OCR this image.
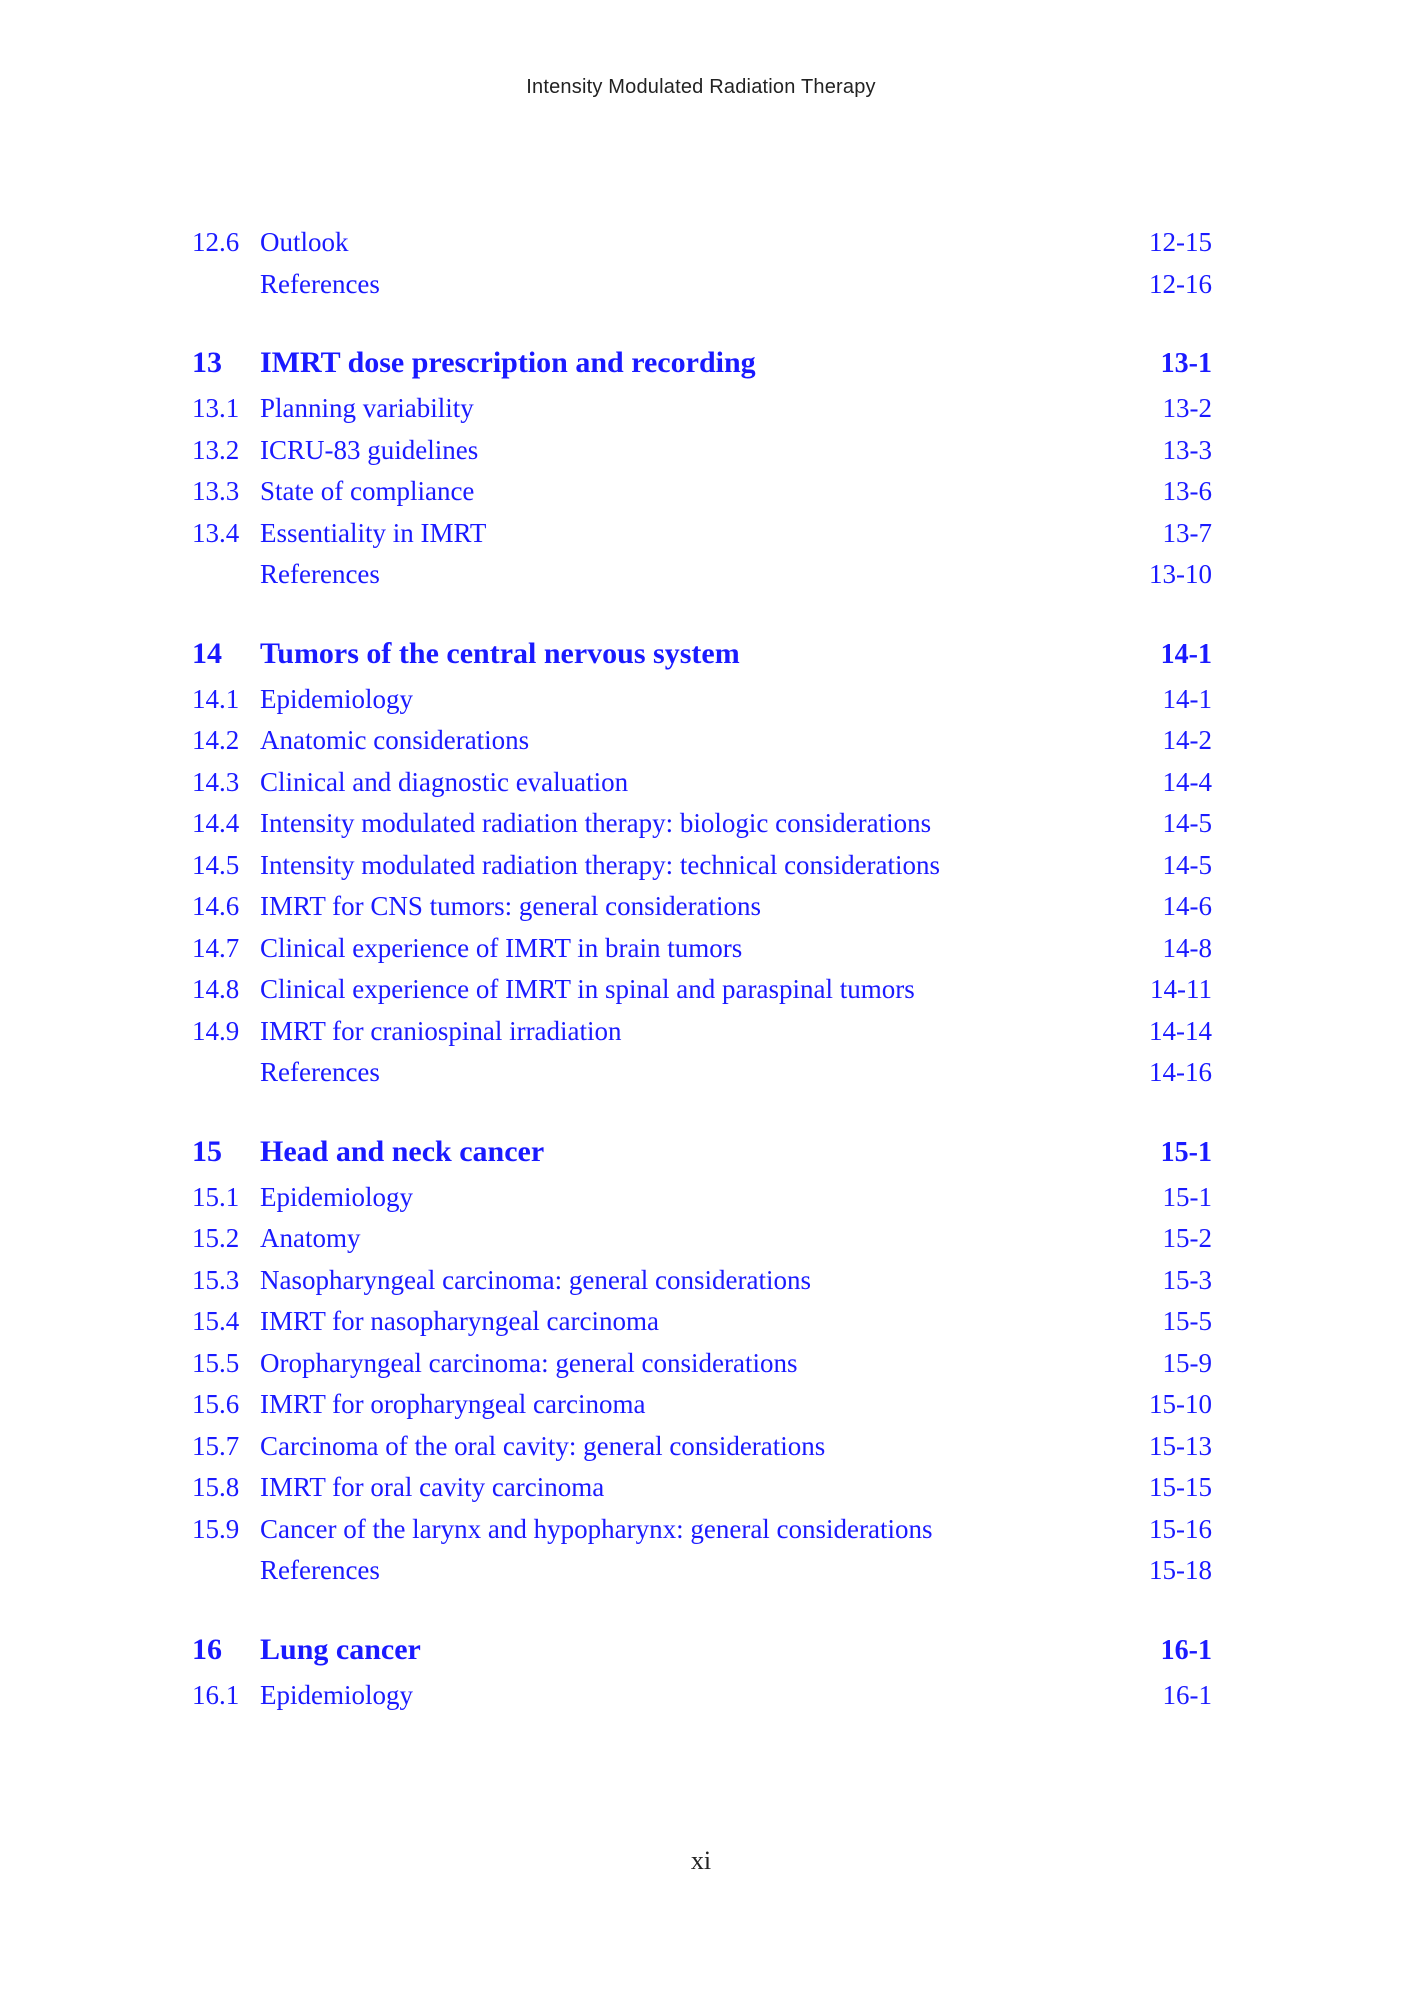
Intensity Modulated Radiation Therapy
12.6 Outlook	12-15
References	12-16
13	IMRT dose prescription and recording	13-1
13.1 Planning variability	13-2
13.2 ICRU-83 guidelines	13-3
13.3 State of compliance	13-6
13.4 Essentiality in IMRT	13-7
References	13-10
14	Tumors of the central nervous system	14-1
14.1 Epidemiology	14-1
14.2 Anatomic considerations	14-2
14.3 Clinical and diagnostic evaluation	14-4
14.4 Intensity modulated radiation therapy: biologic considerations	14-5
14.5 Intensity modulated radiation therapy: technical considerations	14-5
14.6 IMRT for CNS tumors: general considerations	14-6
14.7 Clinical experience of IMRT in brain tumors	14-8
14.8 Clinical experience of IMRT in spinal and paraspinal tumors	14-11
14.9 IMRT for craniospinal irradiation	14-14
References	14-16
15	Head and neck cancer	15-1
15.1 Epidemiology	15-1
15.2 Anatomy	15-2
15.3 Nasopharyngeal carcinoma: general considerations	15-3
15.4 IMRT for nasopharyngeal carcinoma	15-5
15.5 Oropharyngeal carcinoma: general considerations	15-9
15.6 IMRT for oropharyngeal carcinoma	15-10
15.7 Carcinoma of the oral cavity: general considerations	15-13
15.8 IMRT for oral cavity carcinoma	15-15
15.9 Cancer of the larynx and hypopharynx: general considerations	15-16
References	15-18
16	Lung cancer	16-1
16.1 Epidemiology	16-1
xi
